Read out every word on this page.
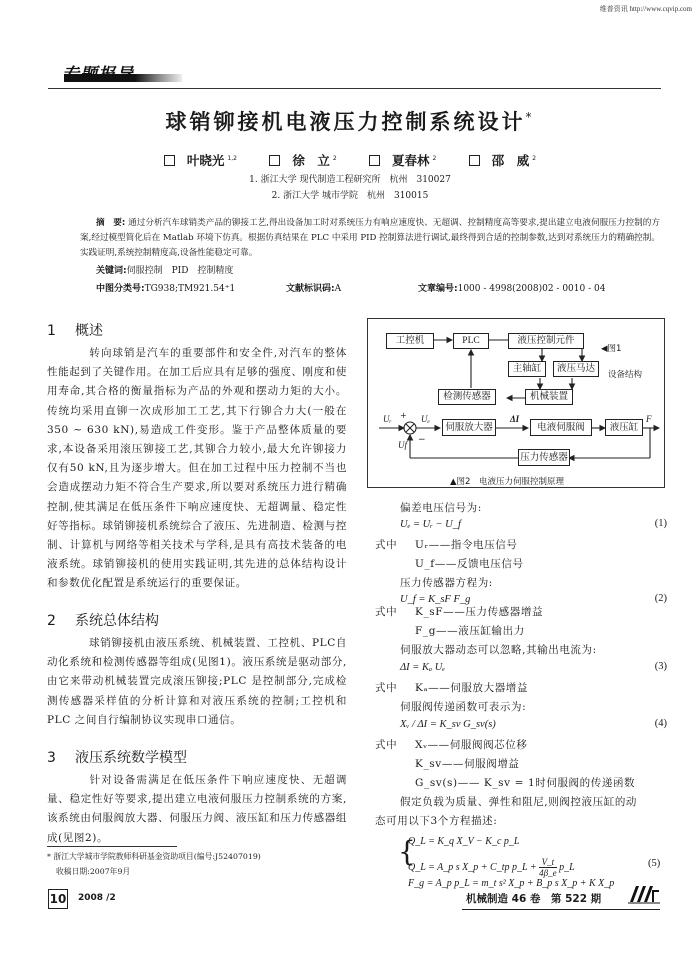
维普资讯 http://www.cqvip.com
专题报导
球销铆接机电液压力控制系统设计*
叶晓光 $^{1,2}$	徐　立 $^2$	夏春林 $^2$	邵　威 $^2$
1. 浙江大学 现代制造工程研究所　杭州　310027
2. 浙江大学 城市学院　杭州　310015
摘　要: 通过分析汽车球销类产品的铆接工艺,得出设备加工时对系统压力有响应速度快、无超调、控制精度高等要求,提出建立电液伺服压力控制的方案,经过模型简化后在 Matlab 环境下仿真。根据仿真结果在 PLC 中采用 PID 控制算法进行调试,最终得到合适的控制参数,达到对系统压力的精确控制。实践证明,系统控制精度高,设备性能稳定可靠。
关键词:伺服控制　PID　控制精度
中图分类号:TG938;TM921.54⁺1	文献标识码:A	文章编号:1000 - 4998(2008)02 - 0010 - 04
1 概述
转向球销是汽车的重要部件和安全件,对汽车的整体性能起到了关键作用。在加工后应具有足够的强度、刚度和使用寿命,其合格的衡量指标为产品的外观和摆动力矩的大小。传统均采用直铆一次成形加工工艺,其下行铆合力大(一般在350 ~ 630 kN),易造成工件变形。鉴于产品整体质量的要求,本设备采用滚压铆接工艺,其铆合力较小,最大允许铆接力仅有50 kN,且为逐步增大。但在加工过程中压力控制不当也会造成摆动力矩不符合生产要求,所以要对系统压力进行精确控制,使其满足在低压条件下响应速度快、无超调量、稳定性好等指标。球销铆接机系统综合了液压、先进制造、检测与控制、计算机与网络等相关技术与学科,是具有高技术装备的电液系统。球销铆接机的使用实践证明,其先进的总体结构设计和参数优化配置是系统运行的重要保证。
2 系统总体结构
球销铆接机由液压系统、机械装置、工控机、PLC自动化系统和检测传感器等组成(见图1)。液压系统是驱动部分,由它来带动机械装置完成滚压铆接;PLC 是控制部分,完成检测传感器采样值的分析计算和对液压系统的控制;工控机和 PLC 之间自行编制协议实现串口通信。
3 液压系统数学模型
针对设备需满足在低压条件下响应速度快、无超调量、稳定性好等要求,提出建立电液伺服压力控制系统的方案,该系统由伺服阀放大器、伺服压力阀、液压缸和压力传感器组成(见图2)。
* 浙江大学城市学院教师科研基金资助项目(编号:J52407019)
收稿日期:2007年9月
工控机	PLC	液压控制元件
主轴缸	液压马达
检测传感器	机械装置
◀图1
设备结构
伺服放大器	电液伺服阀	液压缸
压力传感器
Uᵣ +
−
Uₑ	ΔI	F
Uf
▲图2　电液压力伺服控制原理
偏差电压信号为:
Uₑ = Uᵣ − U_f	(1)
式中 Uᵣ——指令电压信号
U_f——反馈电压信号
压力传感器方程为:
U_f = K_sF F_g	(2)
式中 K_sF——压力传感器增益
F_g——液压缸输出力
伺服放大器动态可以忽略,其输出电流为:
ΔI = Kₐ Uₑ	(3)
式中 Kₐ——伺服放大器增益
伺服阀传递函数可表示为:
Xᵥ / ΔI = K_sv G_sv(s)	(4)
式中 Xᵥ——伺服阀阀芯位移
K_sv——伺服阀增益
G_sv(s)—— K_sv = 1时伺服阀的传递函数
假定负载为质量、弹性和阻尼,则阀控液压缸的动
态可用以下3个方程描述:
{
Q_L = K_q X_V − K_c p_L
Q_L = A_p s X_p + C_tp p_L + $\frac{V\_t}{4\beta\_e}$ p_L
F_g = A_p p_L = m_t s² X_p + B_p s X_p + K X_p
(5)
10 2008 /2	机械制造 46 卷　第 522 期
